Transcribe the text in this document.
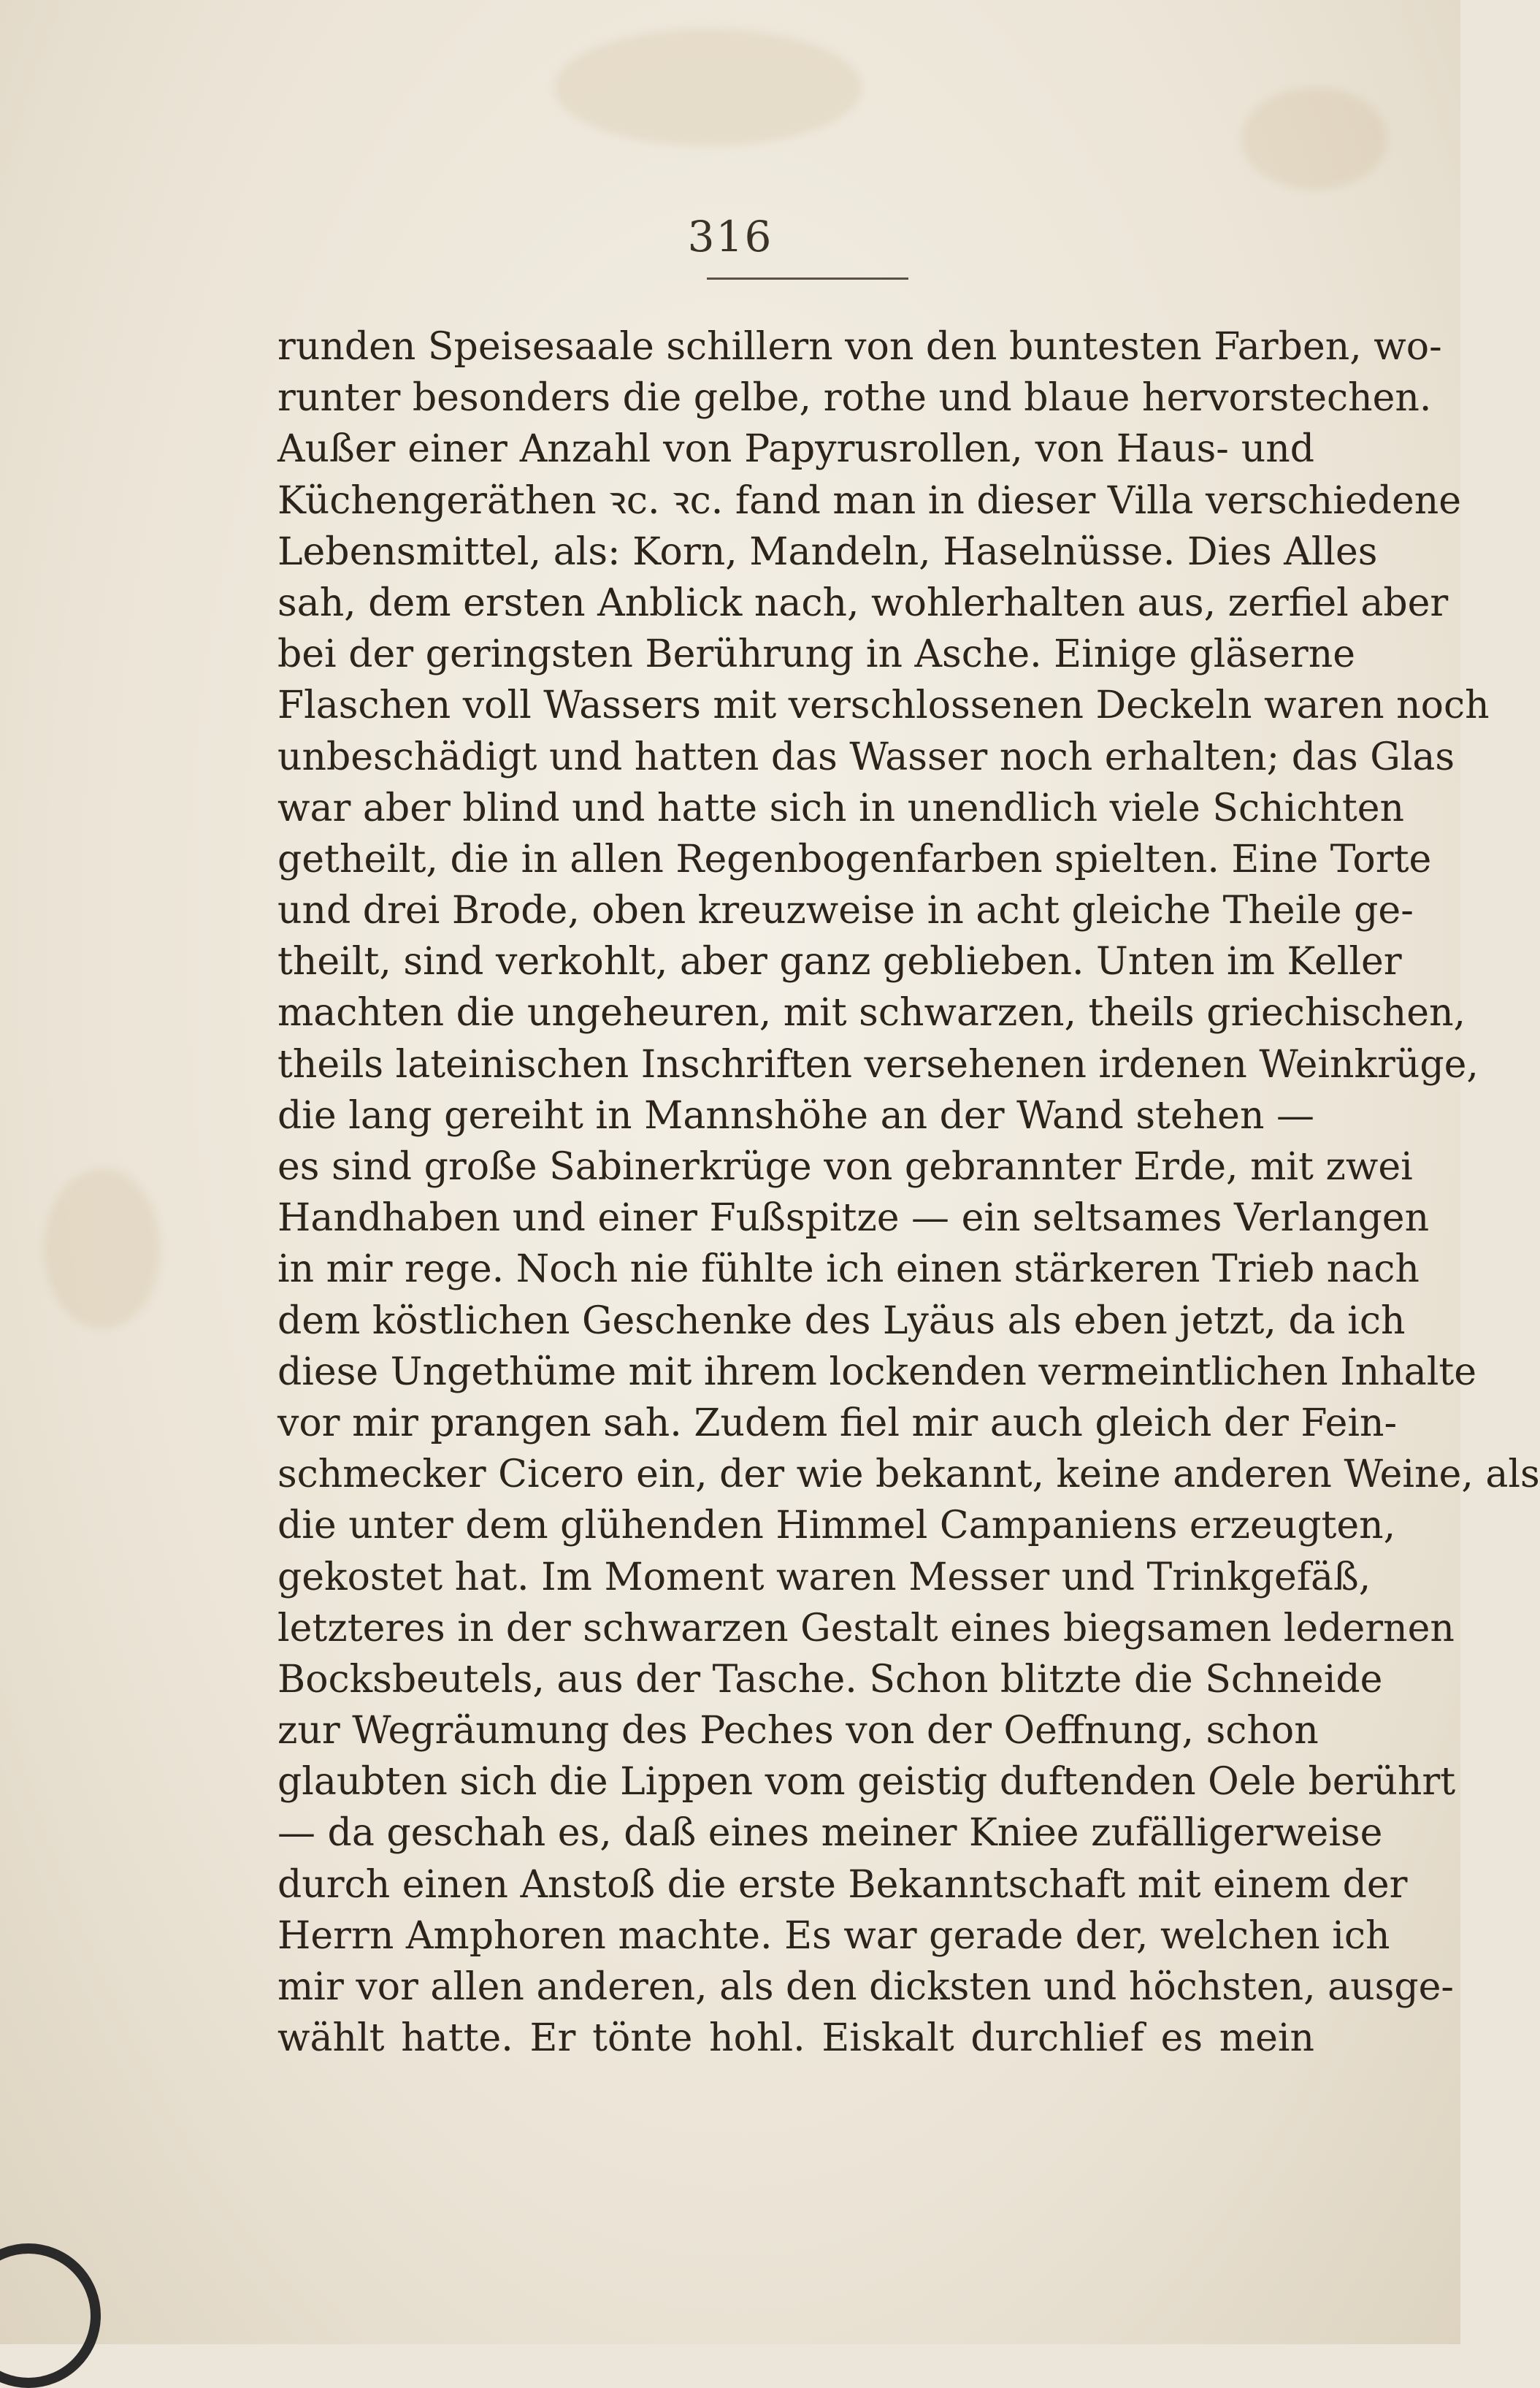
316
runden Speisesaale schillern von den buntesten Farben, wo-
runter besonders die gelbe, rothe und blaue hervorstechen.
Außer einer Anzahl von Papyrusrollen, von Haus- und
Küchengeräthen ꝛc. ꝛc. fand man in dieser Villa verschiedene
Lebensmittel, als: Korn, Mandeln, Haselnüsse. Dies Alles
sah, dem ersten Anblick nach, wohlerhalten aus, zerfiel aber
bei der geringsten Berührung in Asche. Einige gläserne
Flaschen voll Wassers mit verschlossenen Deckeln waren noch
unbeschädigt und hatten das Wasser noch erhalten; das Glas
war aber blind und hatte sich in unendlich viele Schichten
getheilt, die in allen Regenbogenfarben spielten. Eine Torte
und drei Brode, oben kreuzweise in acht gleiche Theile ge-
theilt, sind verkohlt, aber ganz geblieben. Unten im Keller
machten die ungeheuren, mit schwarzen, theils griechischen,
theils lateinischen Inschriften versehenen irdenen Weinkrüge,
die lang gereiht in Mannshöhe an der Wand stehen —
es sind große Sabinerkrüge von gebrannter Erde, mit zwei
Handhaben und einer Fußspitze — ein seltsames Verlangen
in mir rege. Noch nie fühlte ich einen stärkeren Trieb nach
dem köstlichen Geschenke des Lyäus als eben jetzt, da ich
diese Ungethüme mit ihrem lockenden vermeintlichen Inhalte
vor mir prangen sah. Zudem fiel mir auch gleich der Fein-
schmecker Cicero ein, der wie bekannt, keine anderen Weine, als
die unter dem glühenden Himmel Campaniens erzeugten,
gekostet hat. Im Moment waren Messer und Trinkgefäß,
letzteres in der schwarzen Gestalt eines biegsamen ledernen
Bocksbeutels, aus der Tasche. Schon blitzte die Schneide
zur Wegräumung des Peches von der Oeffnung, schon
glaubten sich die Lippen vom geistig duftenden Oele berührt
— da geschah es, daß eines meiner Kniee zufälligerweise
durch einen Anstoß die erste Bekanntschaft mit einem der
Herrn Amphoren machte. Es war gerade der, welchen ich
mir vor allen anderen, als den dicksten und höchsten, ausge-
wählt hatte. Er tönte hohl. Eiskalt durchlief es mein
